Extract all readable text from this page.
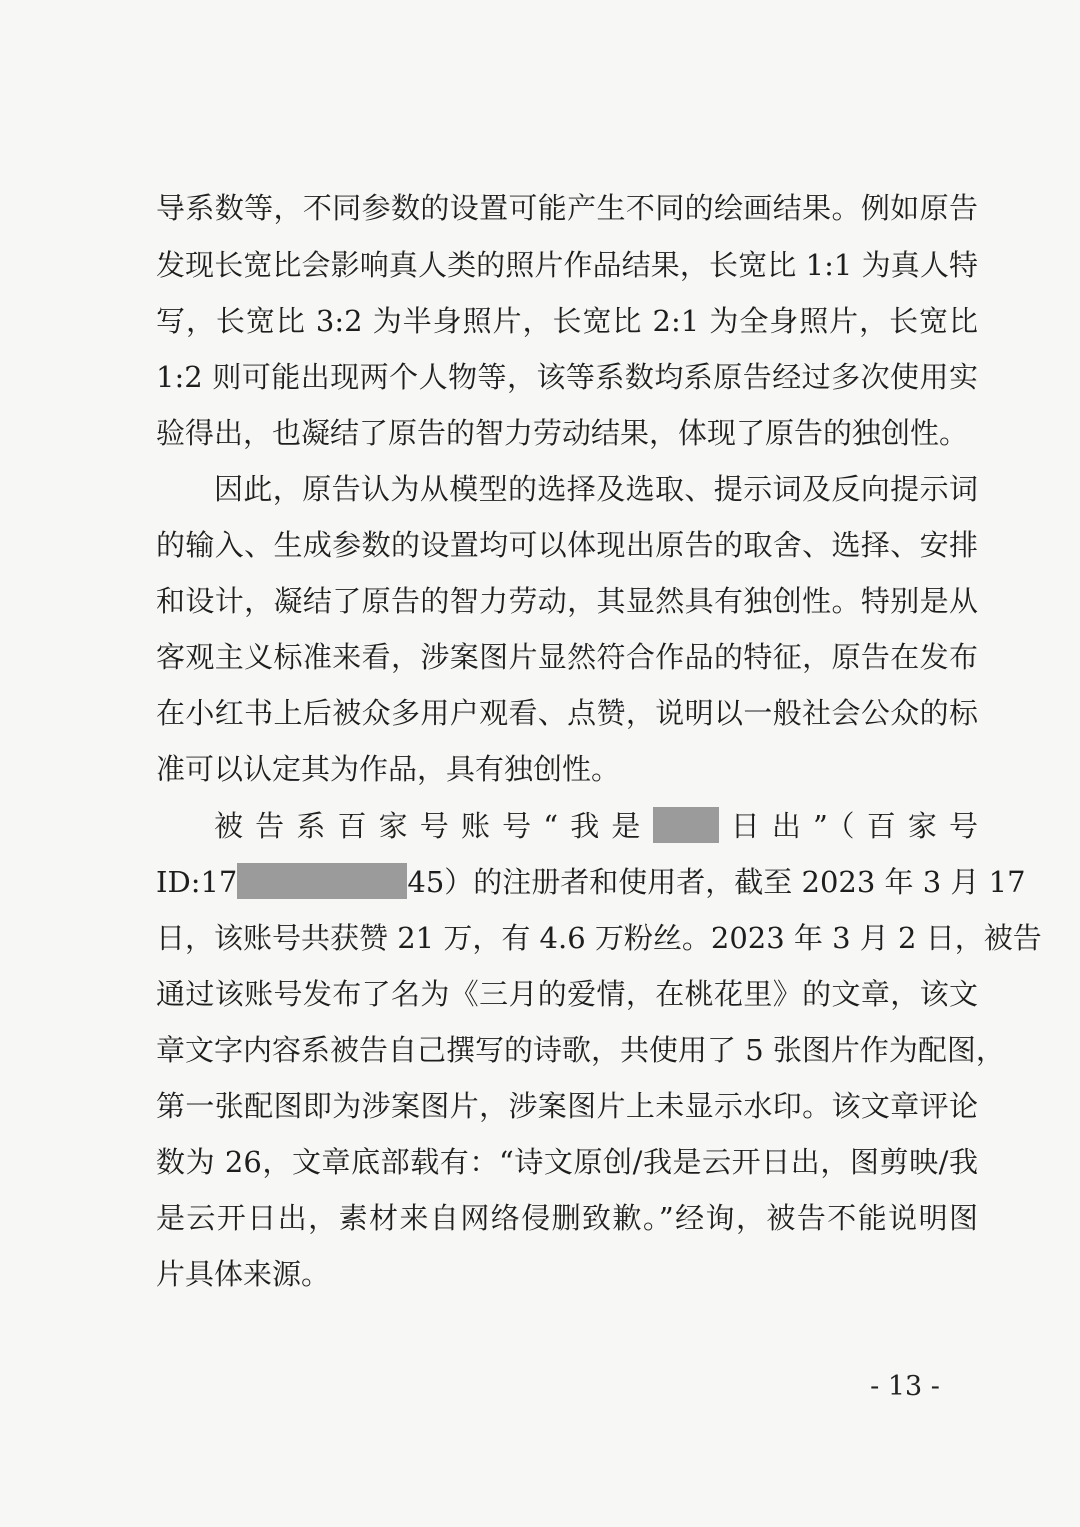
导系数等，不同参数的设置可能产生不同的绘画结果。例如原告
发现长宽比会影响真人类的照片作品结果，长宽比 1:1 为真人特
写，长宽比 3:2 为半身照片，长宽比 2:1 为全身照片，长宽比
1:2 则可能出现两个人物等，该等系数均系原告经过多次使用实
验得出，也凝结了原告的智力劳动结果，体现了原告的独创性。
因此，原告认为从模型的选择及选取、提示词及反向提示词
的输入、生成参数的设置均可以体现出原告的取舍、选择、安排
和设计，凝结了原告的智力劳动，其显然具有独创性。特别是从
客观主义标准来看，涉案图片显然符合作品的特征，原告在发布
在小红书上后被众多用户观看、点赞，说明以一般社会公众的标
准可以认定其为作品，具有独创性。
被告系百家号账号“我是 日出”（百家号
ID:17	45）的注册者和使用者，截至 2023 年 3 月 17
日，该账号共获赞 21 万，有 4.6 万粉丝。2023 年 3 月 2 日，被告
通过该账号发布了名为《三月的爱情，在桃花里》的文章，该文
章文字内容系被告自己撰写的诗歌，共使用了 5 张图片作为配图，
第一张配图即为涉案图片，涉案图片上未显示水印。该文章评论
数为 26，文章底部载有：“诗文原创/我是云开日出，图剪映/我
是云开日出，素材来自网络侵删致歉。”经询，被告不能说明图
片具体来源。
- 13 -
